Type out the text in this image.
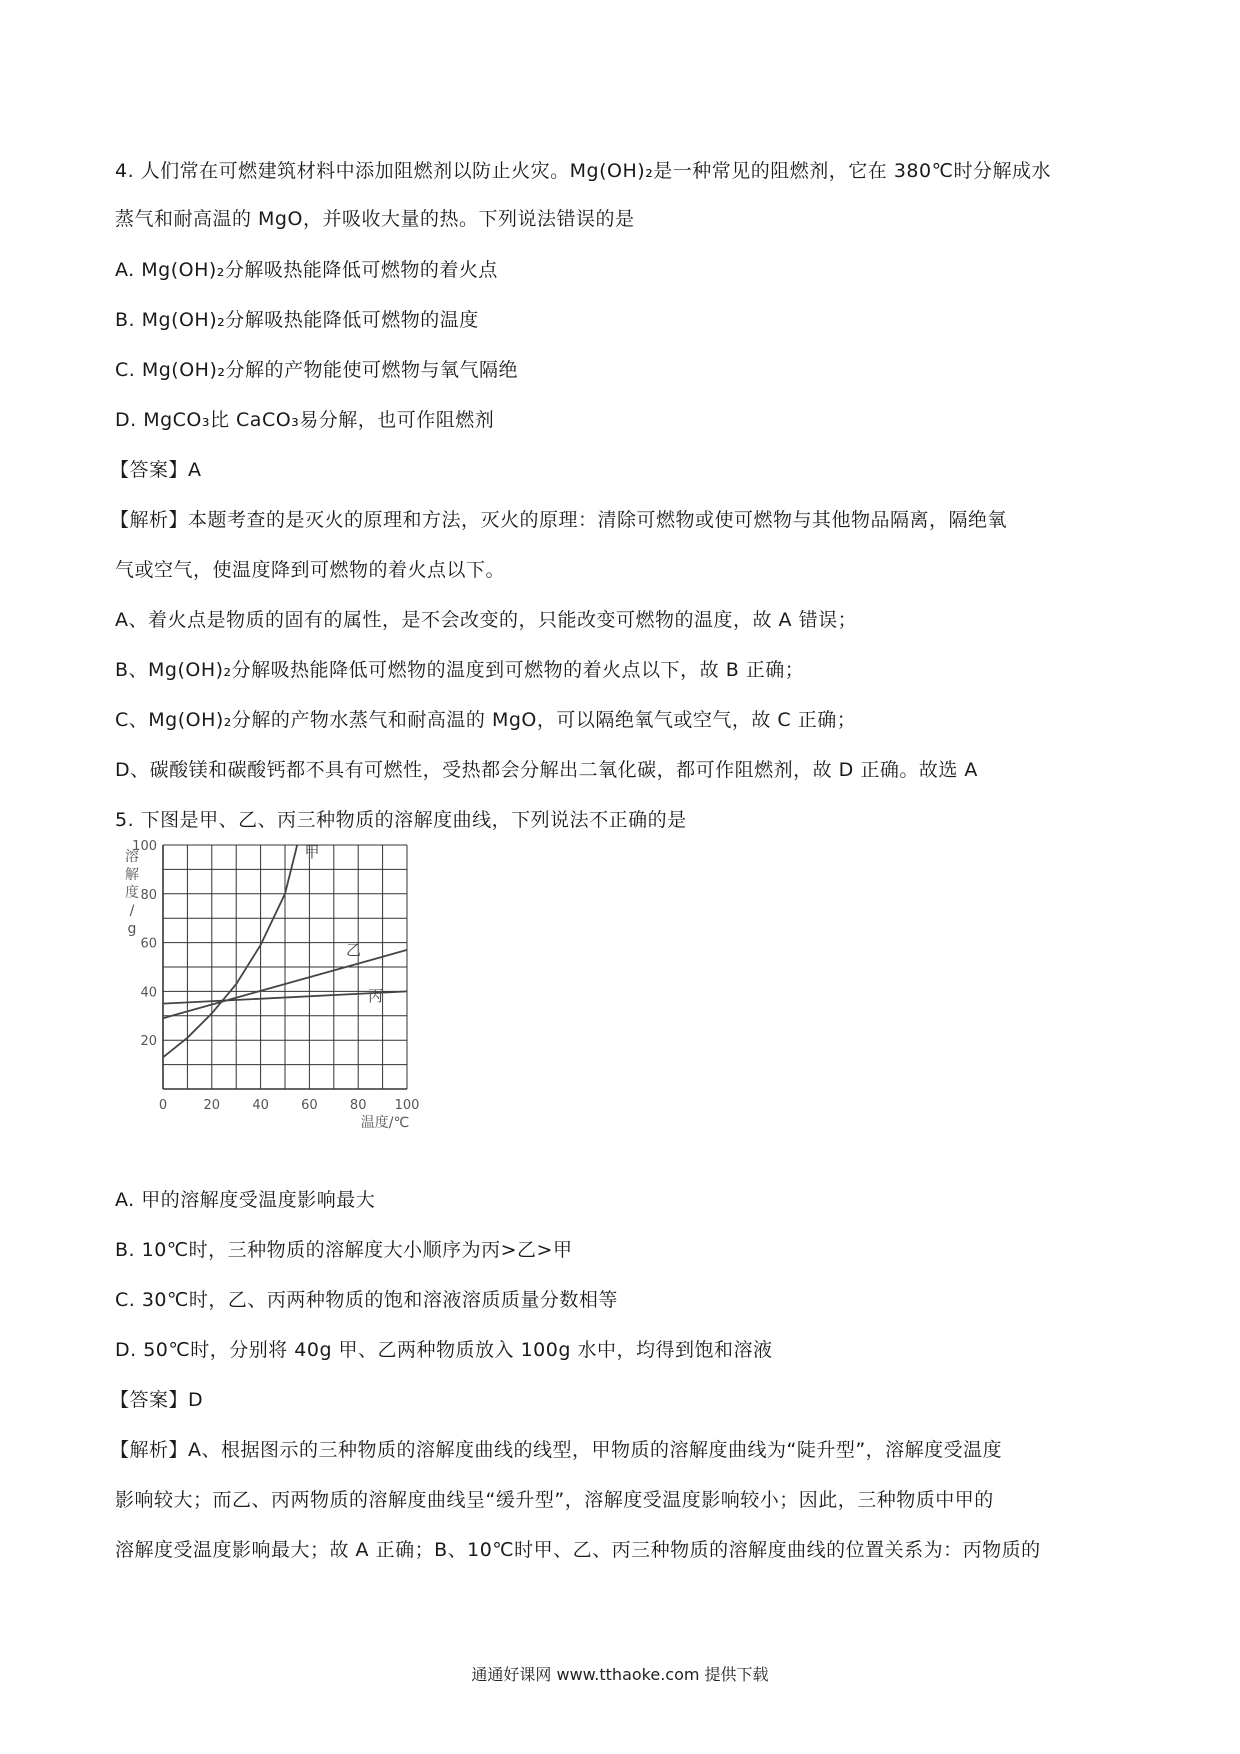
4. 人们常在可燃建筑材料中添加阻燃剂以防止火灾。Mg(OH)₂是一种常见的阻燃剂，它在 380℃时分解成水
蒸气和耐高温的 MgO，并吸收大量的热。下列说法错误的是
A. Mg(OH)₂分解吸热能降低可燃物的着火点
B. Mg(OH)₂分解吸热能降低可燃物的温度
C. Mg(OH)₂分解的产物能使可燃物与氧气隔绝
D. MgCO₃比 CaCO₃易分解，也可作阻燃剂
【答案】A
【解析】本题考查的是灭火的原理和方法，灭火的原理：清除可燃物或使可燃物与其他物品隔离，隔绝氧
气或空气，使温度降到可燃物的着火点以下。
A、着火点是物质的固有的属性，是不会改变的，只能改变可燃物的温度，故 A 错误；
B、Mg(OH)₂分解吸热能降低可燃物的温度到可燃物的着火点以下，故 B 正确；
C、Mg(OH)₂分解的产物水蒸气和耐高温的 MgO，可以隔绝氧气或空气，故 C 正确；
D、碳酸镁和碳酸钙都不具有可燃性，受热都会分解出二氧化碳，都可作阻燃剂，故 D 正确。故选 A
5. 下图是甲、乙、丙三种物质的溶解度曲线，下列说法不正确的是
0	20 40 60 80 100
20
40
60
80
100	甲
乙
丙
溶解度/ g
温度/℃
A. 甲的溶解度受温度影响最大
B. 10℃时，三种物质的溶解度大小顺序为丙>乙>甲
C. 30℃时，乙、丙两种物质的饱和溶液溶质质量分数相等
D. 50℃时，分别将 40g 甲、乙两种物质放入 100g 水中，均得到饱和溶液
【答案】D
【解析】A、根据图示的三种物质的溶解度曲线的线型，甲物质的溶解度曲线为“陡升型”，溶解度受温度
影响较大；而乙、丙两物质的溶解度曲线呈“缓升型”，溶解度受温度影响较小；因此，三种物质中甲的
溶解度受温度影响最大；故 A 正确；B、10℃时甲、乙、丙三种物质的溶解度曲线的位置关系为：丙物质的
通通好课网 www.tthaoke.com 提供下载
